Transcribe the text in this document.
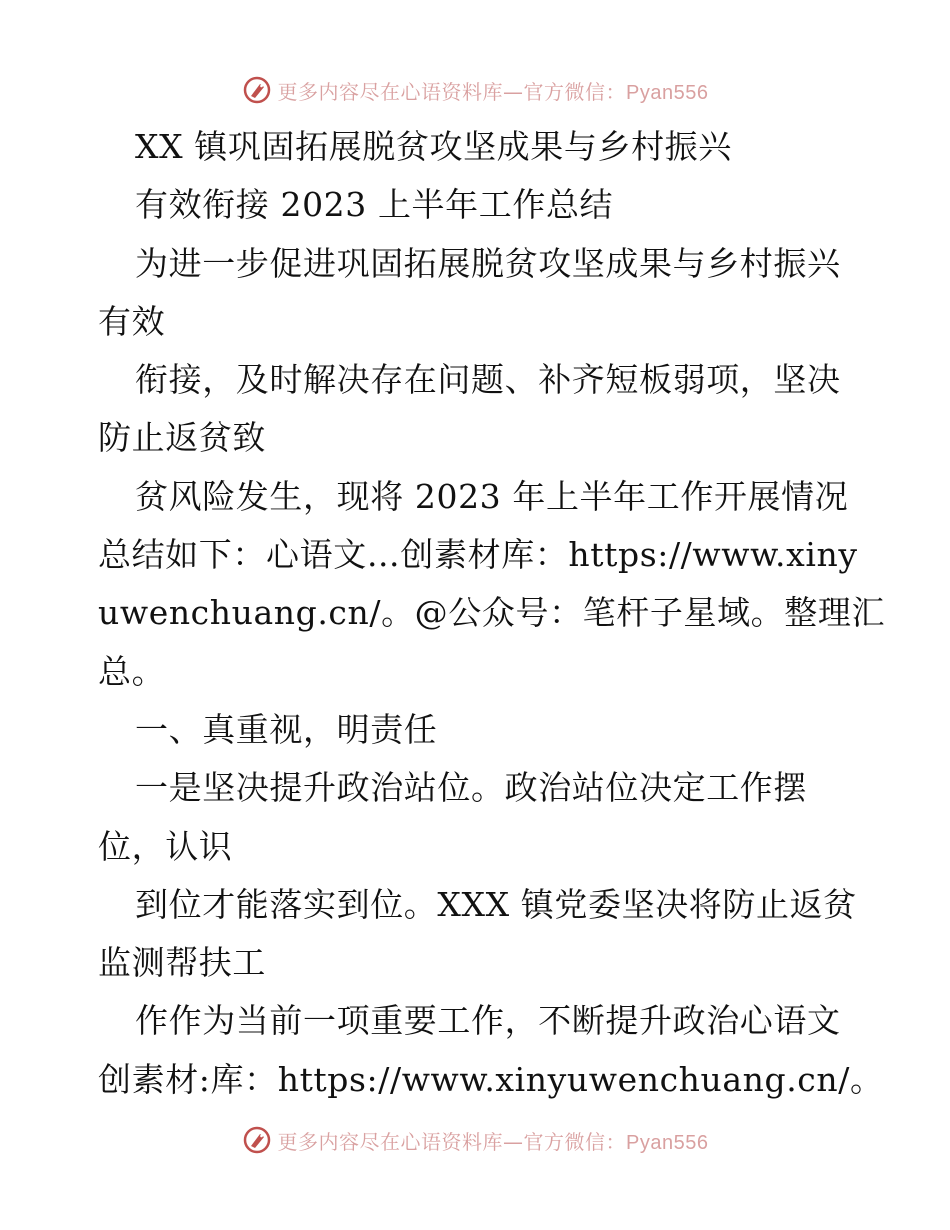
更多内容尽在心语资料库—官方微信：Pyan556
XX 镇巩固拓展脱贫攻坚成果与乡村振兴
有效衔接 2023 上半年工作总结
为进一步促进巩固拓展脱贫攻坚成果与乡村振兴
有效
衔接，及时解决存在问题、补齐短板弱项，坚决
防止返贫致
贫风险发生，现将 2023 年上半年工作开展情况
总结如下：心语文…创素材库：https://www.xiny
uwenchuang.cn/。@公众号：笔杆子星域。整理汇
总。
一、真重视，明责任
一是坚决提升政治站位。政治站位决定工作摆
位，认识
到位才能落实到位。XXX 镇党委坚决将防止返贫
监测帮扶工
作作为当前一项重要工作，不断提升政治心语文
创素材:库：https://www.xinyuwenchuang.cn/。
更多内容尽在心语资料库—官方微信：Pyan556
